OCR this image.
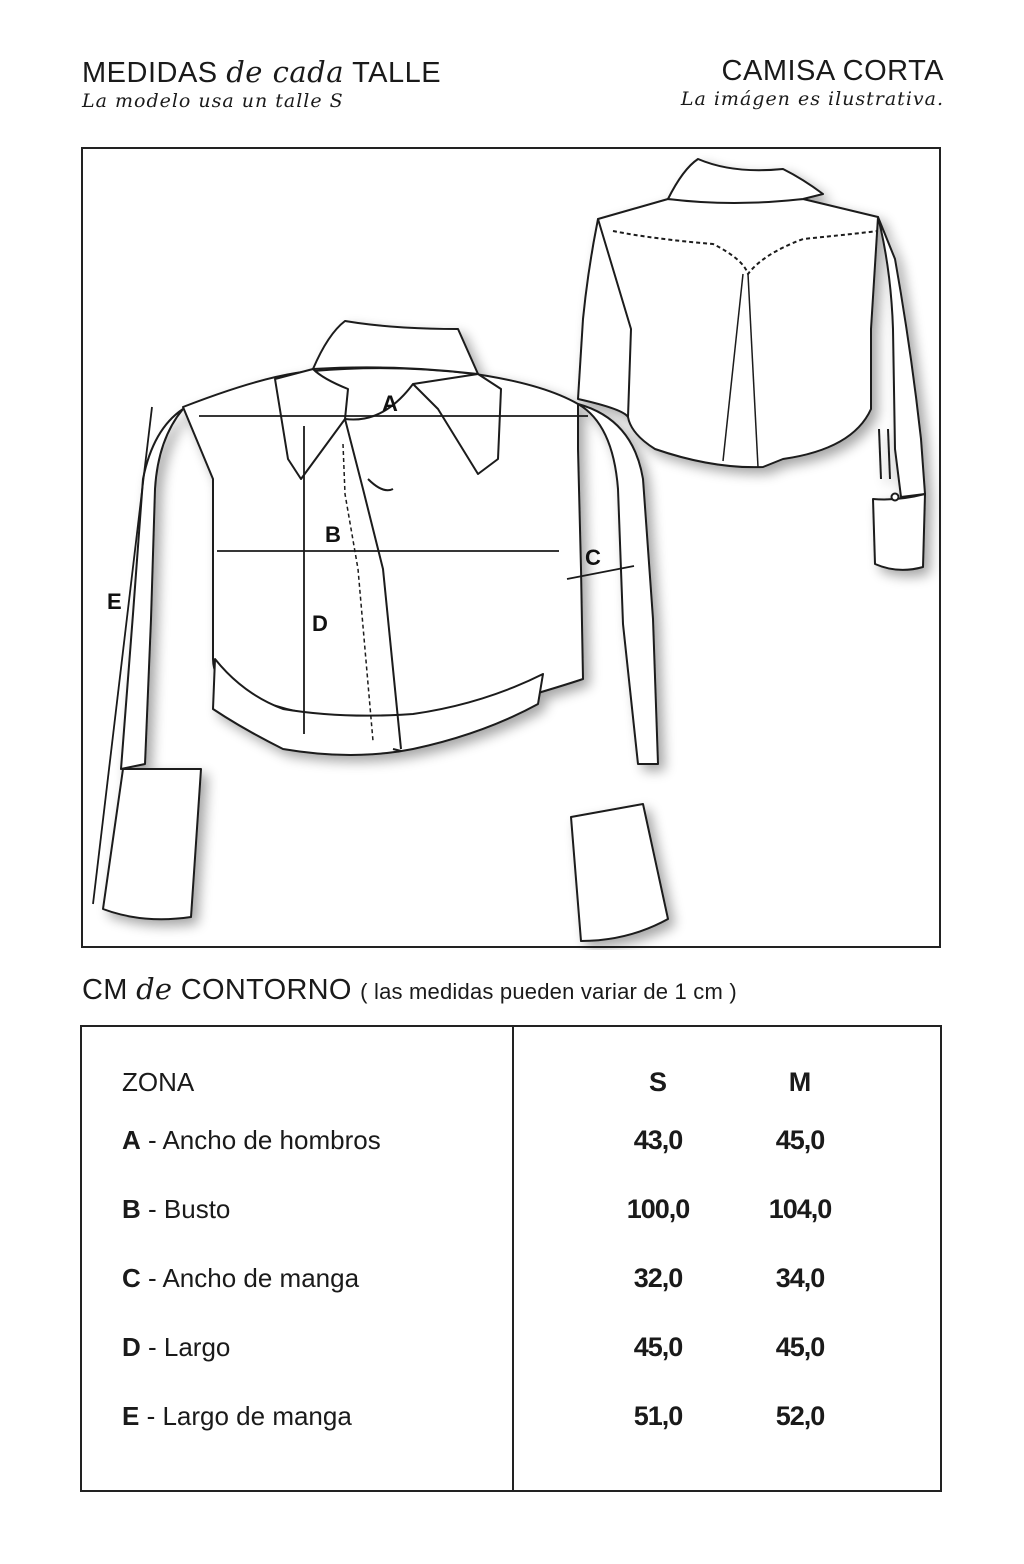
MEDIDAS de cada TALLE
La modelo usa un talle S
CAMISA CORTA
La imágen es ilustrativa.
A
B
C
D
E
CM de CONTORNO ( las medidas pueden variar de 1 cm )
ZONA	S	M
A - Ancho de hombros	43,0	45,0
B - Busto	100,0	104,0
C - Ancho de manga	32,0	34,0
D - Largo	45,0	45,0
E - Largo de manga	51,0	52,0
